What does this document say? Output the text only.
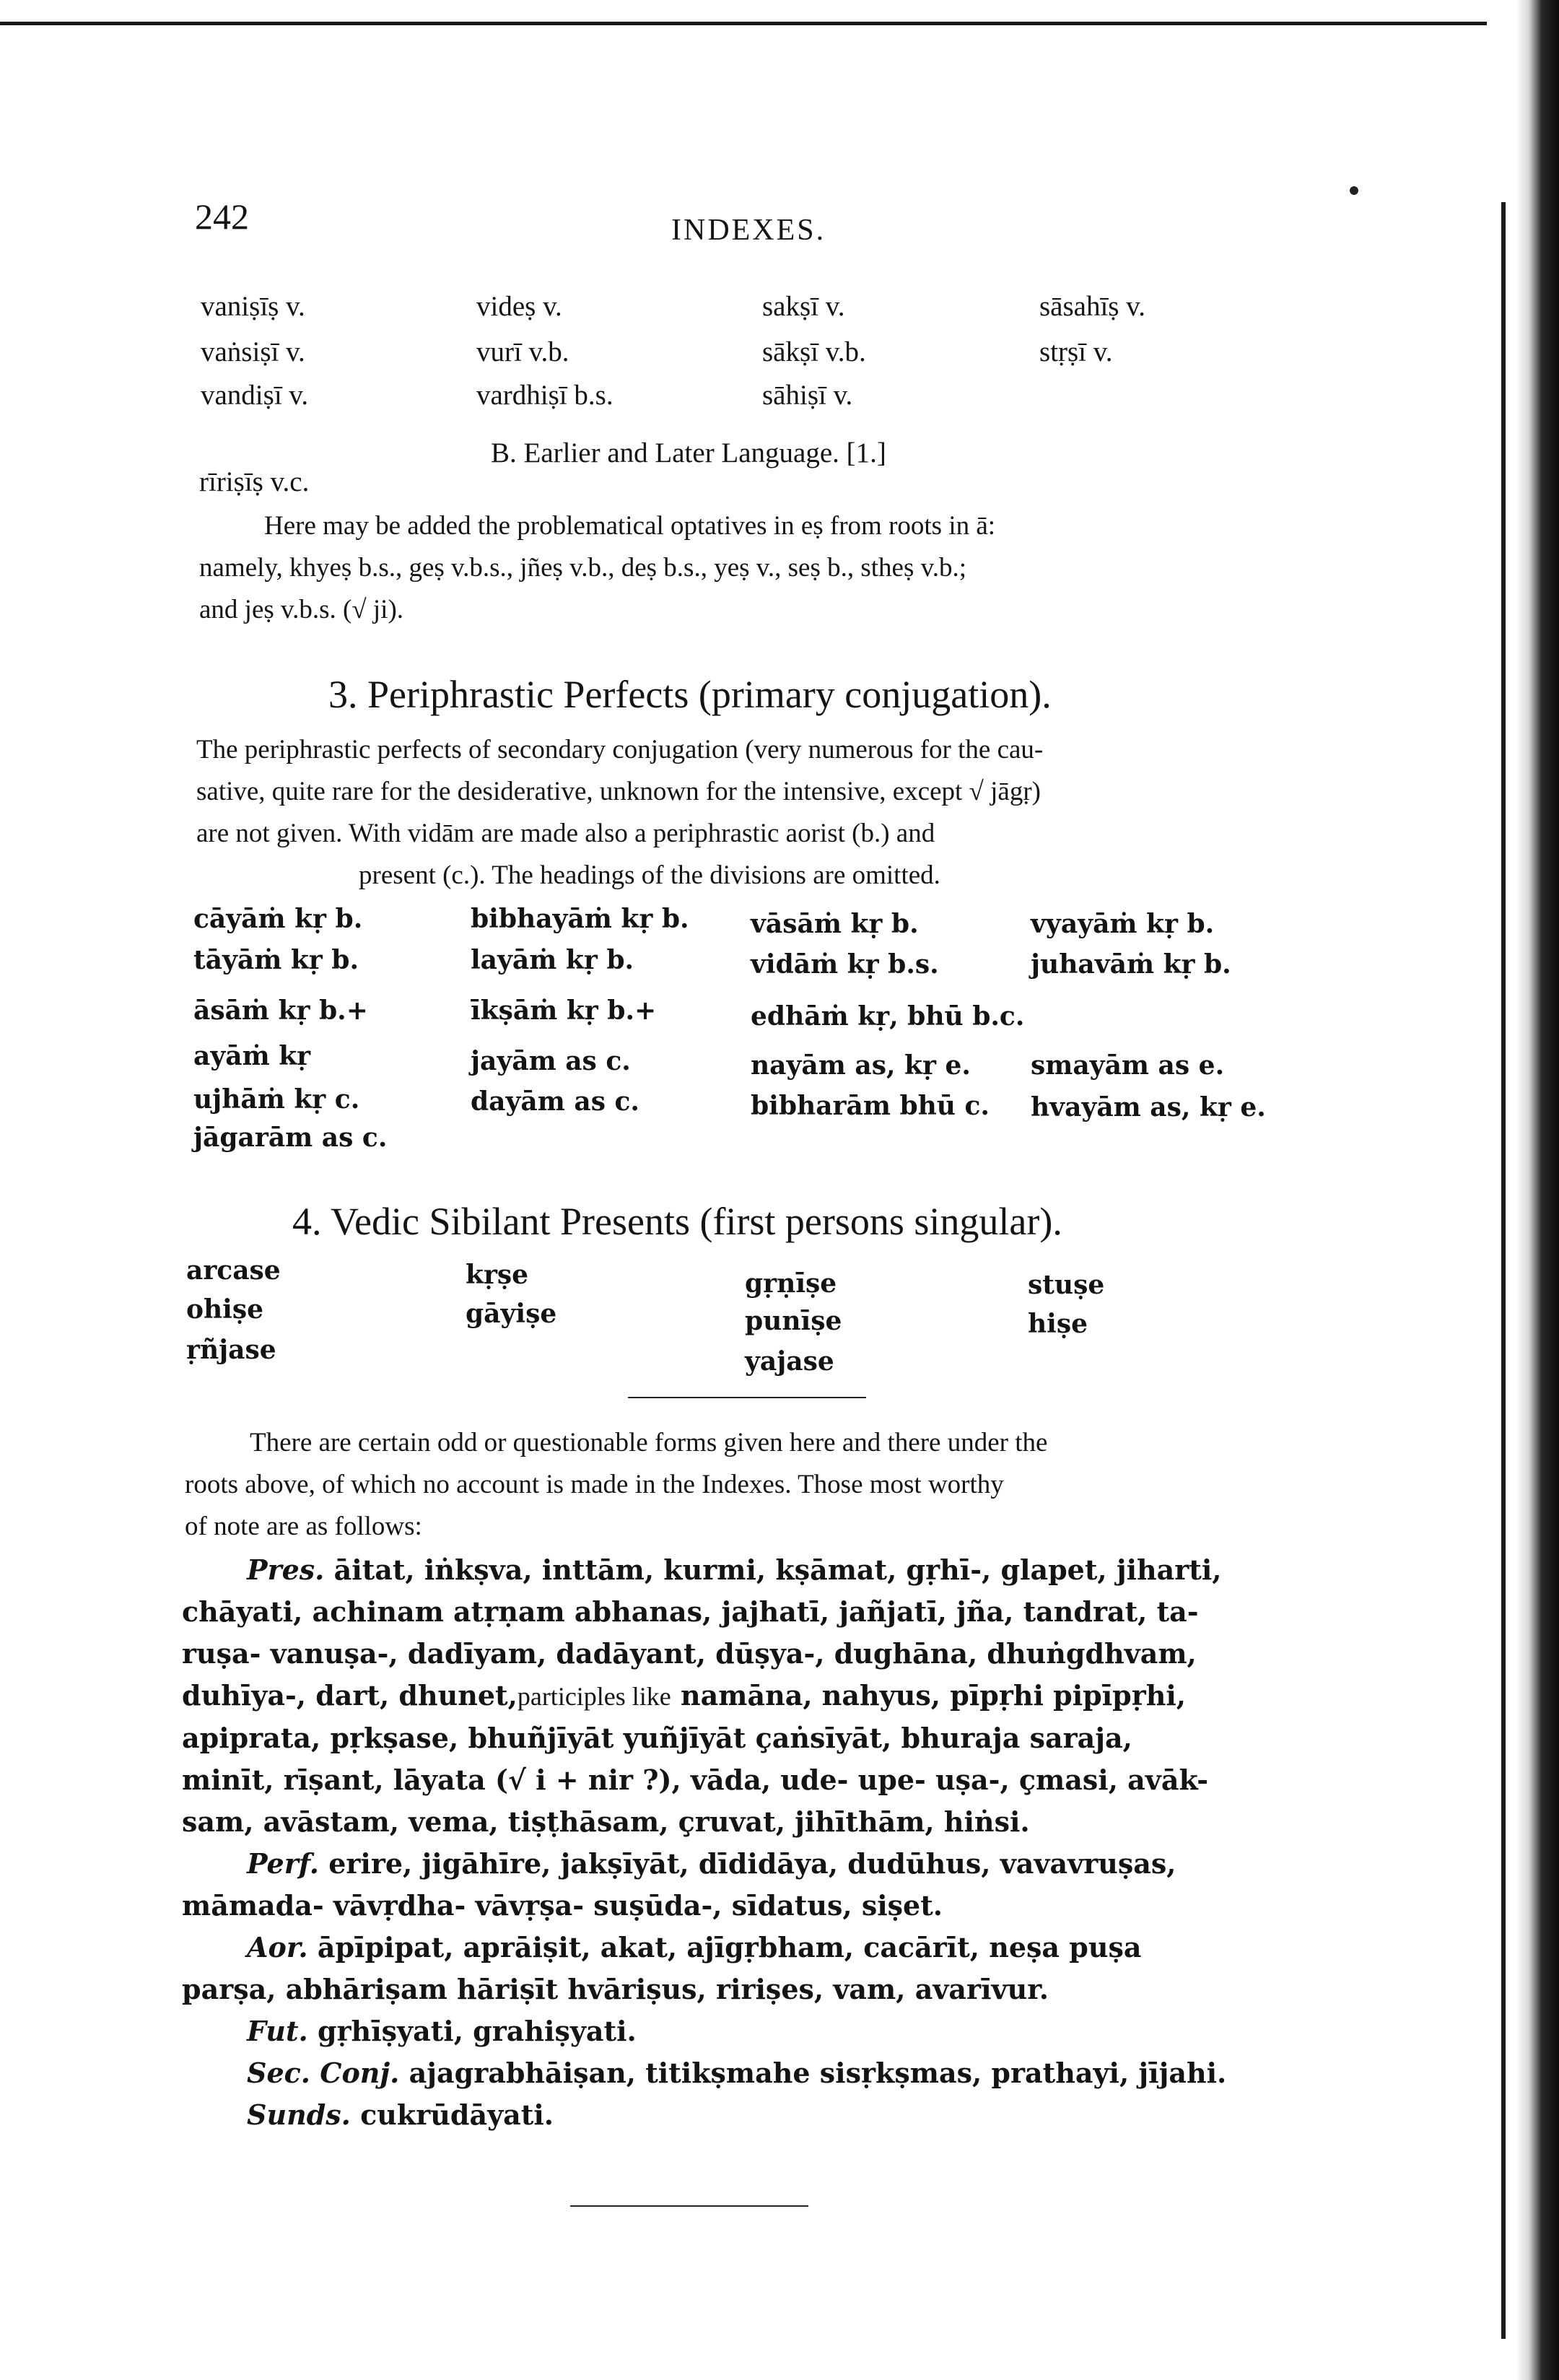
242	INDEXES.
vaniṣīṣ v.	videṣ v.	sakṣī v.	sāsahīṣ v.
vaṅsiṣī v.	vurī v.b.	sākṣī v.b.	stṛṣī v.
vandiṣī v.	vardhiṣī b.s.	sāhiṣī v.
rīriṣīṣ v.c.
B. Earlier and Later Language. [1.]
Here may be added the problematical optatives in eṣ from roots in ā:
namely, khyeṣ b.s., geṣ v.b.s., jñeṣ v.b., deṣ b.s., yeṣ v., seṣ b., stheṣ v.b.;
and jeṣ v.b.s. (√ ji).
3. Periphrastic Perfects (primary conjugation).
The periphrastic perfects of secondary conjugation (very numerous for the cau-
sative, quite rare for the desiderative, unknown for the intensive, except √ jāgṛ)
are not given. With vidām are made also a periphrastic aorist (b.) and
present (c.). The headings of the divisions are omitted.
cāyāṁ kṛ b.	bibhayāṁ kṛ b. vāsāṁ kṛ b.	vyayāṁ kṛ b.
tāyāṁ kṛ b.	layāṁ kṛ b.	vidāṁ kṛ b.s.	juhavāṁ kṛ b.
āsāṁ kṛ b.+	īkṣāṁ kṛ b.+	edhāṁ kṛ, bhū b.c.
ayāṁ kṛ	jayām as c.	nayām as, kṛ e. smayām as e.
ujhāṁ kṛ c.	dayām as c.	bibharām bhū c. hvayām as, kṛ e.
jāgarām as c.
4. Vedic Sibilant Presents (first persons singular).
arcase	kṛṣe	gṛṇīṣe	stuṣe
ohiṣe	gāyiṣe	punīṣe	hiṣe
ṛñjase	yajase
There are certain odd or questionable forms given here and there under the
roots above, of which no account is made in the Indexes. Those most worthy
of note are as follows:
Pres. āitat, iṅkṣva, inttām, kurmi, kṣāmat, gṛhī-, glapet, jiharti,
chāyati, achinam atṛṇam abhanas, jajhatī, jañjatī, jña, tandrat, ta-
ruṣa- vanuṣa-, dadīyam, dadāyant, dūṣya-, dughāna, dhuṅgdhvam,
duhīya-, dart, dhunet,participles like namāna, nahyus, pīpṛhi pipīpṛhi,
apiprata, pṛkṣase, bhuñjīyāt yuñjīyāt çaṅsīyāt, bhuraja saraja,
minīt, rīṣant, lāyata (√ i + nir ?), vāda, ude- upe- uṣa-, çmasi, avāk-
sam, avāstam, vema, tiṣṭhāsam, çruvat, jihīthām, hiṅsi.
Perf. erire, jigāhīre, jakṣīyāt, dīdidāya, dudūhus, vavavruṣas,
māmada- vāvṛdha- vāvṛṣa- suṣūda-, sīdatus, siṣet.
Aor. āpīpipat, aprāiṣit, akat, ajīgṛbham, cacārīt, neṣa puṣa
parṣa, abhāriṣam hāriṣīt hvāriṣus, ririṣes, vam, avarīvur.
Fut. gṛhīṣyati, grahiṣyati.
Sec. Conj. ajagrabhāiṣan, titikṣmahe sisṛkṣmas, prathayi, jījahi.
Sunds. cukrūdāyati.
